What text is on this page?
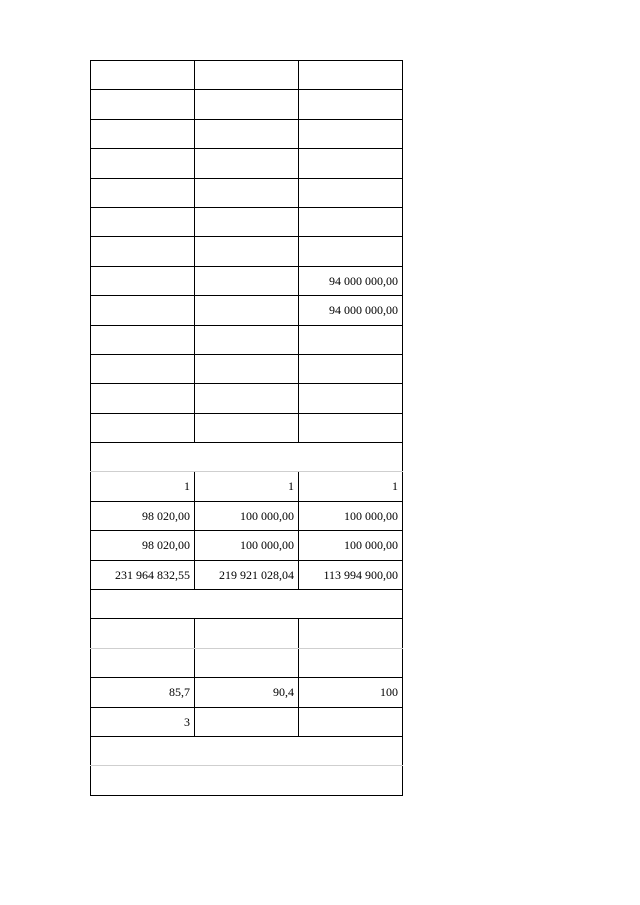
		94 000 000,00
		94 000 000,00

1	1	1
98 020,00	100 000,00	100 000,00
98 020,00	100 000,00	100 000,00
231 964 832,55	219 921 028,04	113 994 900,00

85,7	90,4	100
3		
